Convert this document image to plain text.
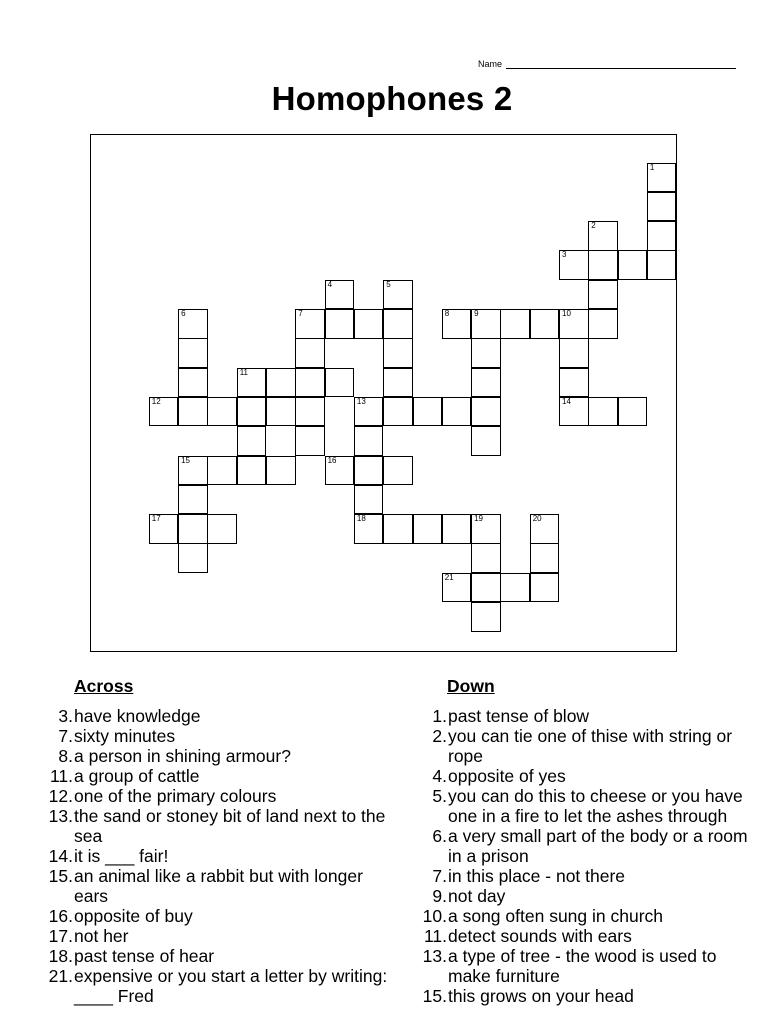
Name
Homophones 2
1
2
3
4	5
6	7	8	9	10
14
11
12	13
18
15	16
17	19	20
21
Across
3. have knowledge
7. sixty minutes
8. a person in shining armour?
11. a group of cattle
12. one of the primary colours
13. the sand or stoney bit of land next to the sea
14. it is ___ fair!
15. an animal like a rabbit but with longer ears
16. opposite of buy
17. not her
18. past tense of hear
21. expensive or you start a letter by writing: ____ Fred
Down
1. past tense of blow
2. you can tie one of thise with string or rope
4. opposite of yes
5. you can do this to cheese or you have one in a fire to let the ashes through
6. a very small part of the body or a room in a prison
7. in this place - not there
9. not day
10. a song often sung in church
11. detect sounds with ears
13. a type of tree - the wood is used to make furniture
15. this grows on your head
